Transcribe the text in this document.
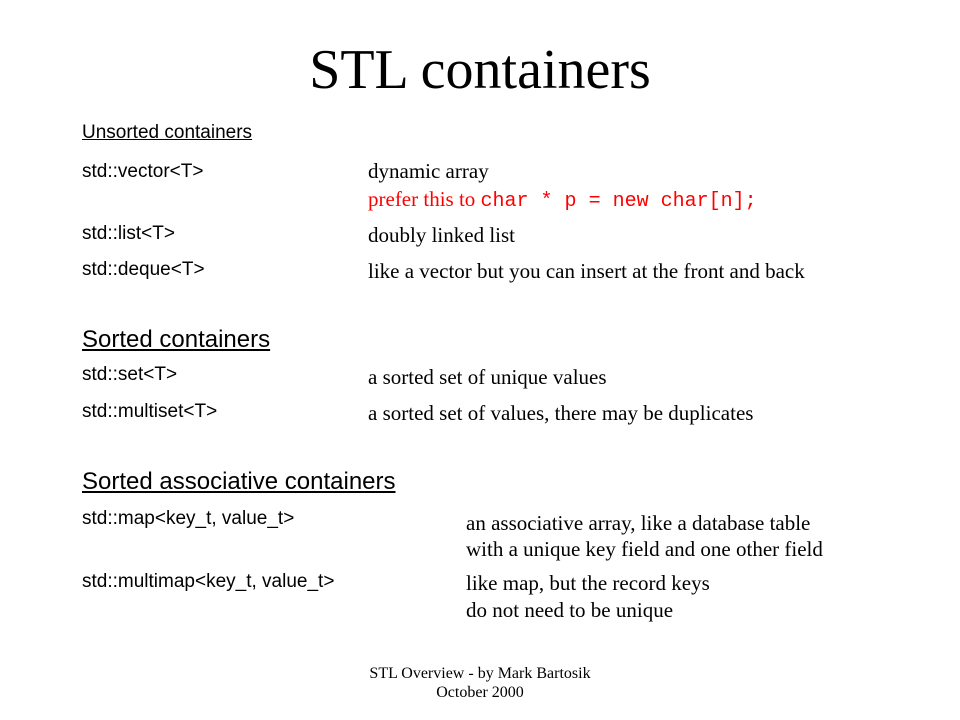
STL containers
Unsorted containers
std::vector<T>	dynamic array
prefer this to char * p = new char[n];
std::list<T>	doubly linked list
std::deque<T>	like a vector but you can insert at the front and back
Sorted containers
std::set<T>	a sorted set of unique values
std::multiset<T>	a sorted set of values, there may be duplicates
Sorted associative containers
std::map<key_t, value_t>	an associative array, like a database table
with a unique key field and one other field
std::multimap<key_t, value_t>	like map, but the record keys
do not need to be unique
STL Overview - by Mark Bartosik
October 2000
